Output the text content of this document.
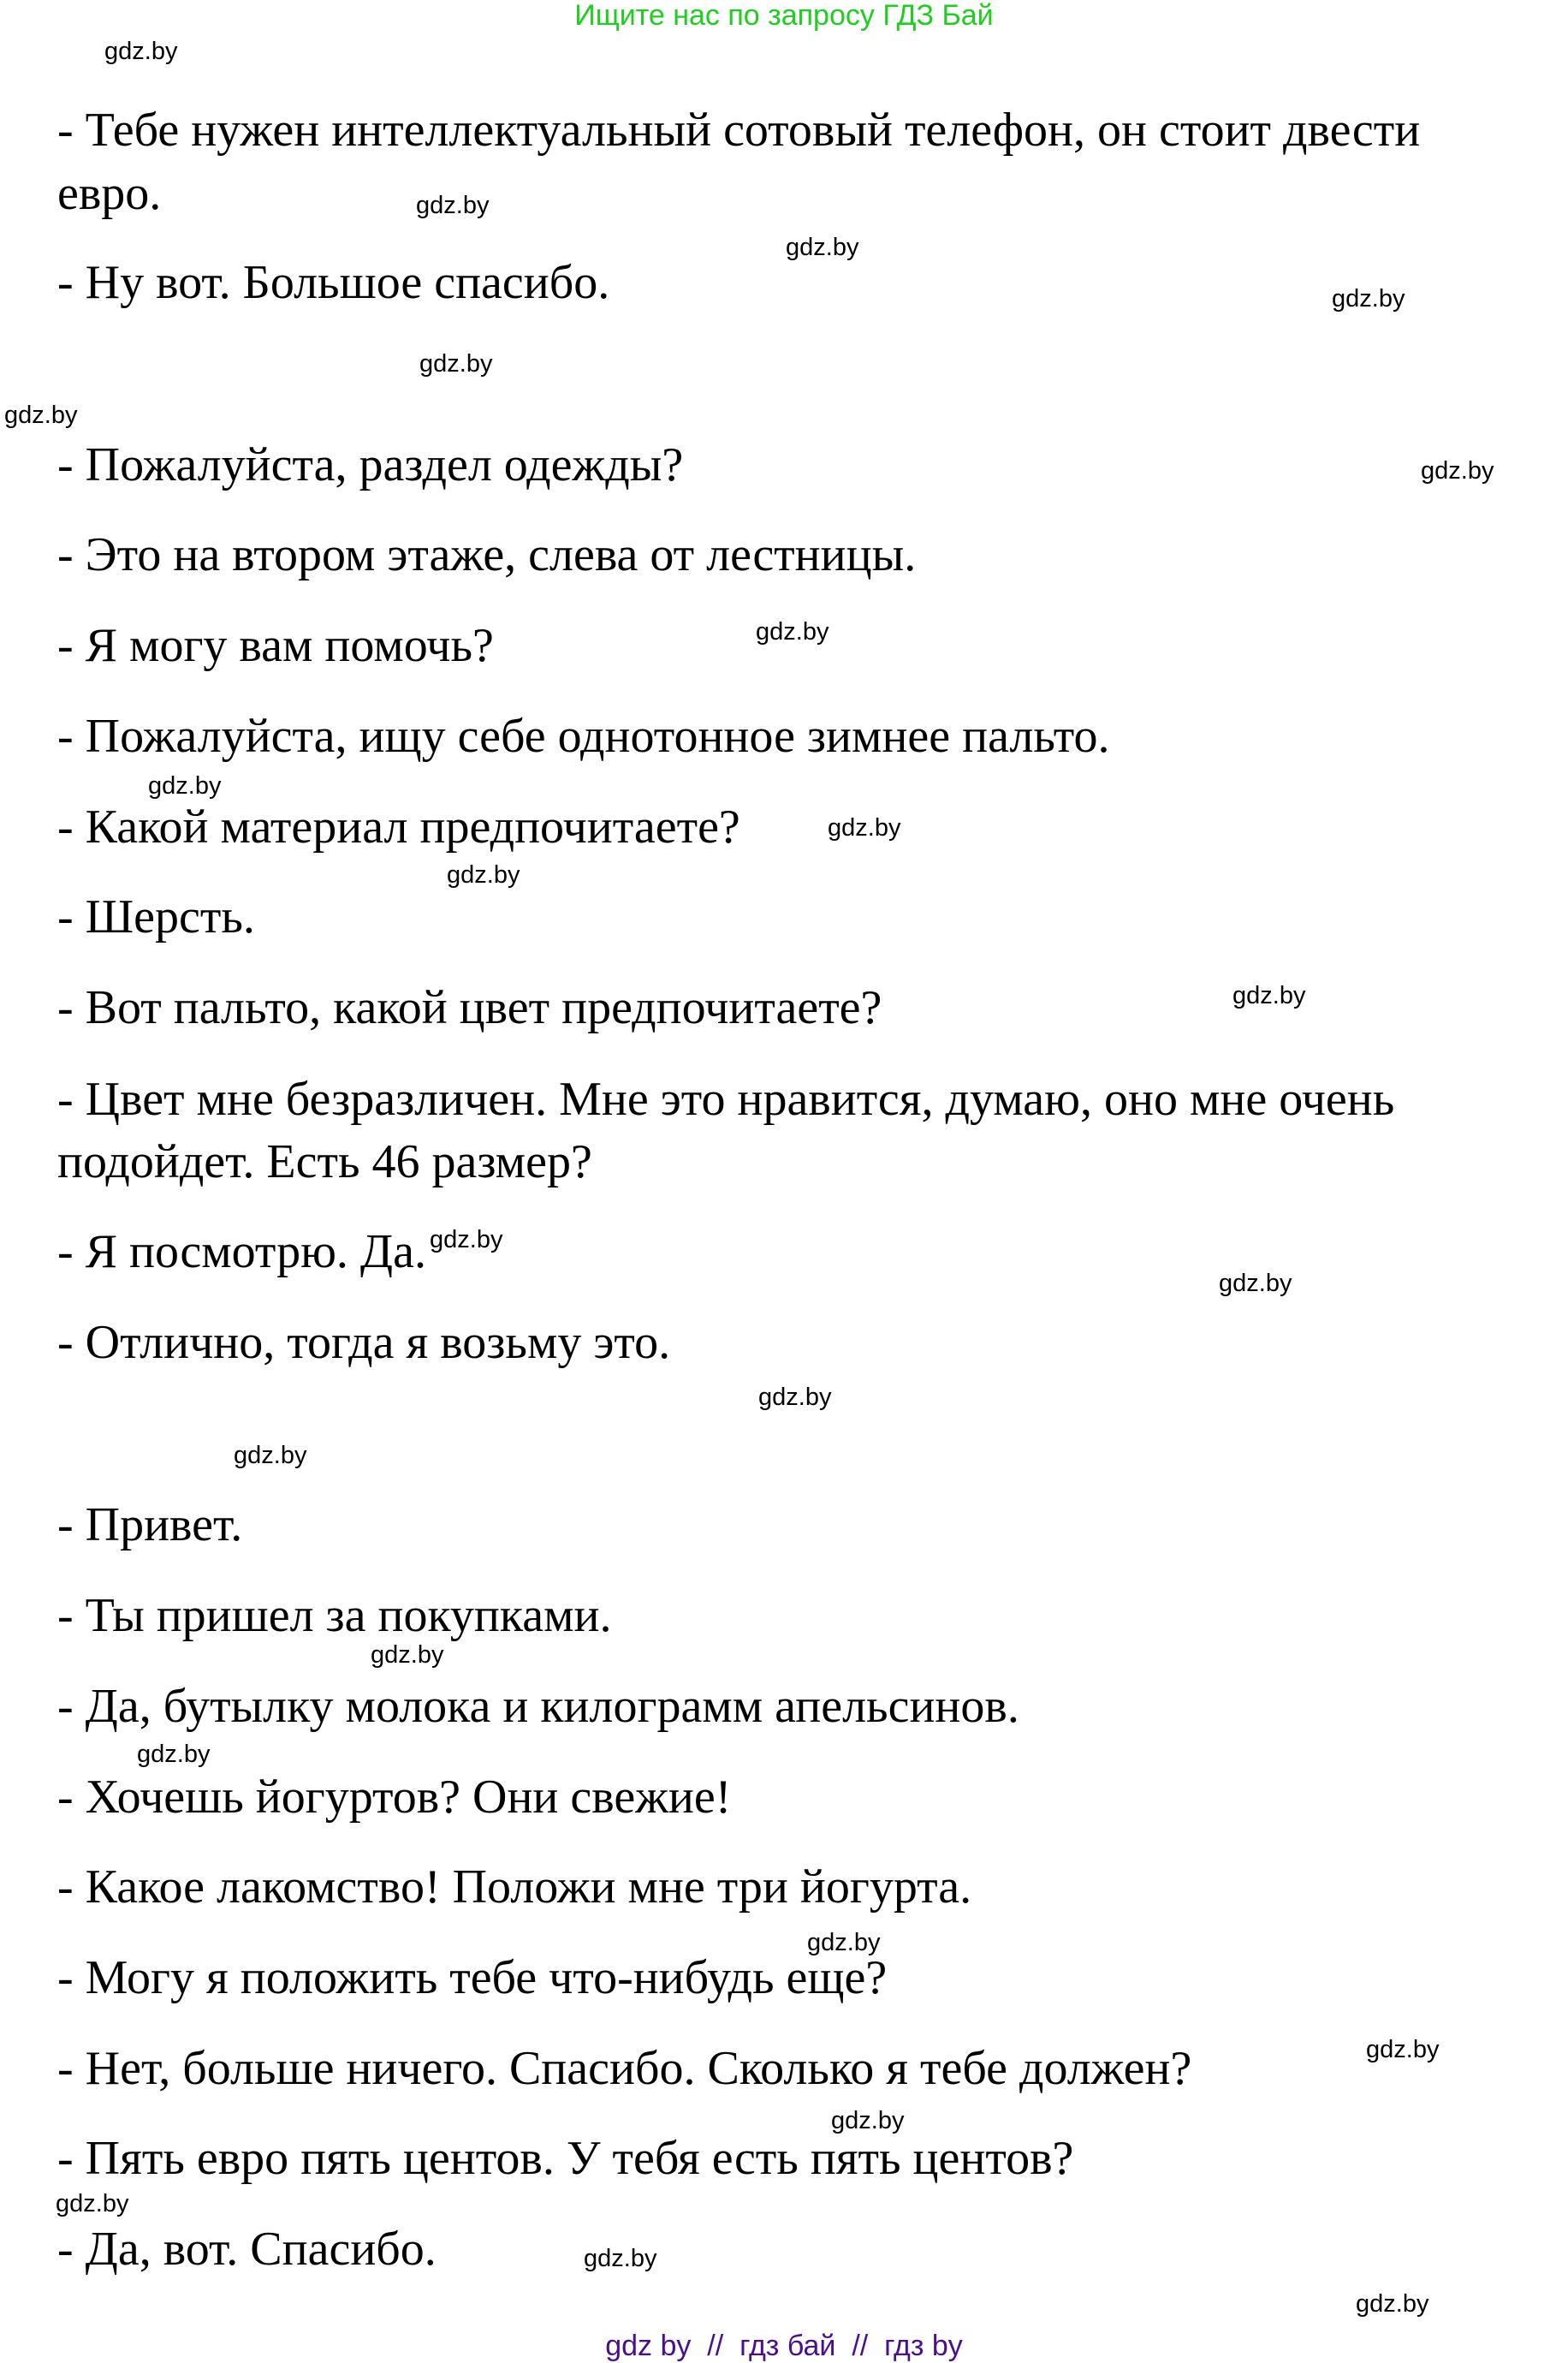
Ищите нас по запросу ГДЗ Бай
- Тебе нужен интеллектуальный сотовый телефон, он стоит двести
евро.
- Ну вот. Большое спасибо.
- Пожалуйста, раздел одежды?
- Это на втором этаже, слева от лестницы.
- Я могу вам помочь?
- Пожалуйста, ищу себе однотонное зимнее пальто.
- Какой материал предпочитаете?
- Шерсть.
- Вот пальто, какой цвет предпочитаете?
- Цвет мне безразличен. Мне это нравится, думаю, оно мне очень
подойдет. Есть 46 размер?
- Я посмотрю. Да.
- Отлично, тогда я возьму это.
- Привет.
- Ты пришел за покупками.
- Да, бутылку молока и килограмм апельсинов.
- Хочешь йогуртов? Они свежие!
- Какое лакомство! Положи мне три йогурта.
- Могу я положить тебе что-нибудь еще?
- Нет, больше ничего. Спасибо. Сколько я тебе должен?
- Пять евро пять центов. У тебя есть пять центов?
- Да, вот. Спасибо.
gdz.by
gdz.by
gdz.by
gdz.by
gdz.by
gdz.by
gdz.by
gdz.by
gdz.by
gdz.by
gdz.by
gdz.by
gdz.by
gdz.by
gdz.by
gdz.by
gdz.by
gdz.by
gdz.by
gdz.by
gdz.by
gdz.by
gdz.by
gdz.by
gdz by  //  гдз бай  //  гдз by
